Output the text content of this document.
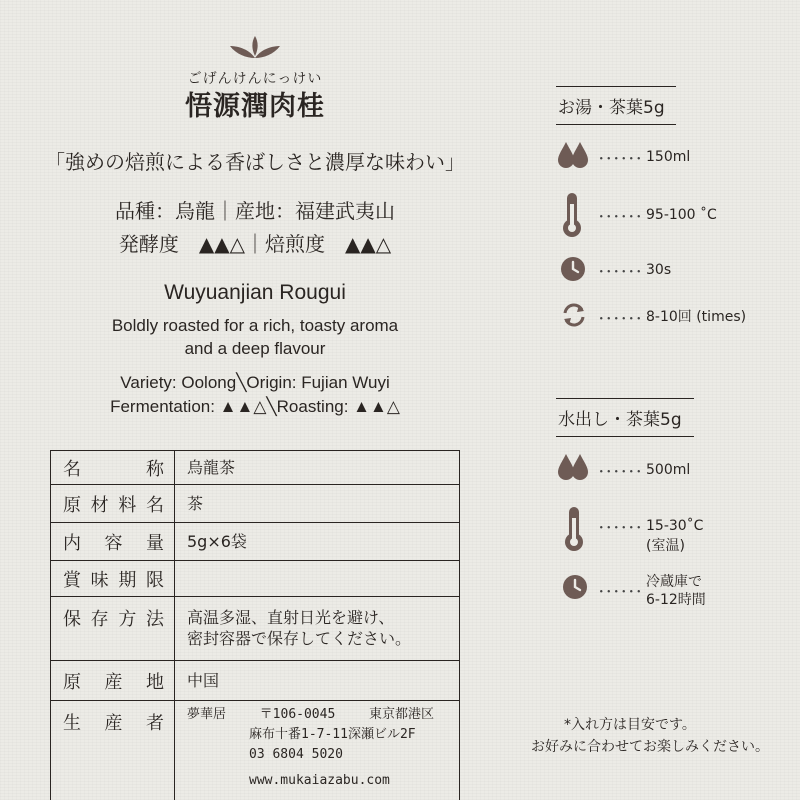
ごげんけんにっけい
悟源潤肉桂
「強めの焙煎による香ばしさと濃厚な味わい」
品種：烏龍｜産地：福建武夷山
発酵度　▲▲△｜焙煎度　▲▲△
Wuyuanjian Rougui
Boldly roasted for a rich, toasty aroma
and a deep flavour
Variety: Oolong╲Origin: Fujian Wuyi
Fermentation: ▲▲△╲Roasting: ▲▲△
名	称 烏龍茶
原 材 料 名 茶
内 容 量 5g×6袋
賞 味 期 限
保 存 方 法 高温多湿、直射日光を避け、
密封容器で保存してください。
原 産 地 中国
生 産 者 夢華居	〒106-0045	東京都港区
麻布十番1-7-11深瀬ビル2F
03 6804 5020
www.mukaiazabu.com
お湯・茶葉5g
･･････ 150ml
･･････ 95-100 ˚C
･･････ 30s
･･････ 8-10回 (times)
水出し・茶葉5g
･･････ 500ml
･･････ 15-30˚C
(室温)
･･････
冷蔵庫で
6-12時間
*入れ方は目安です。
お好みに合わせてお楽しみください。
